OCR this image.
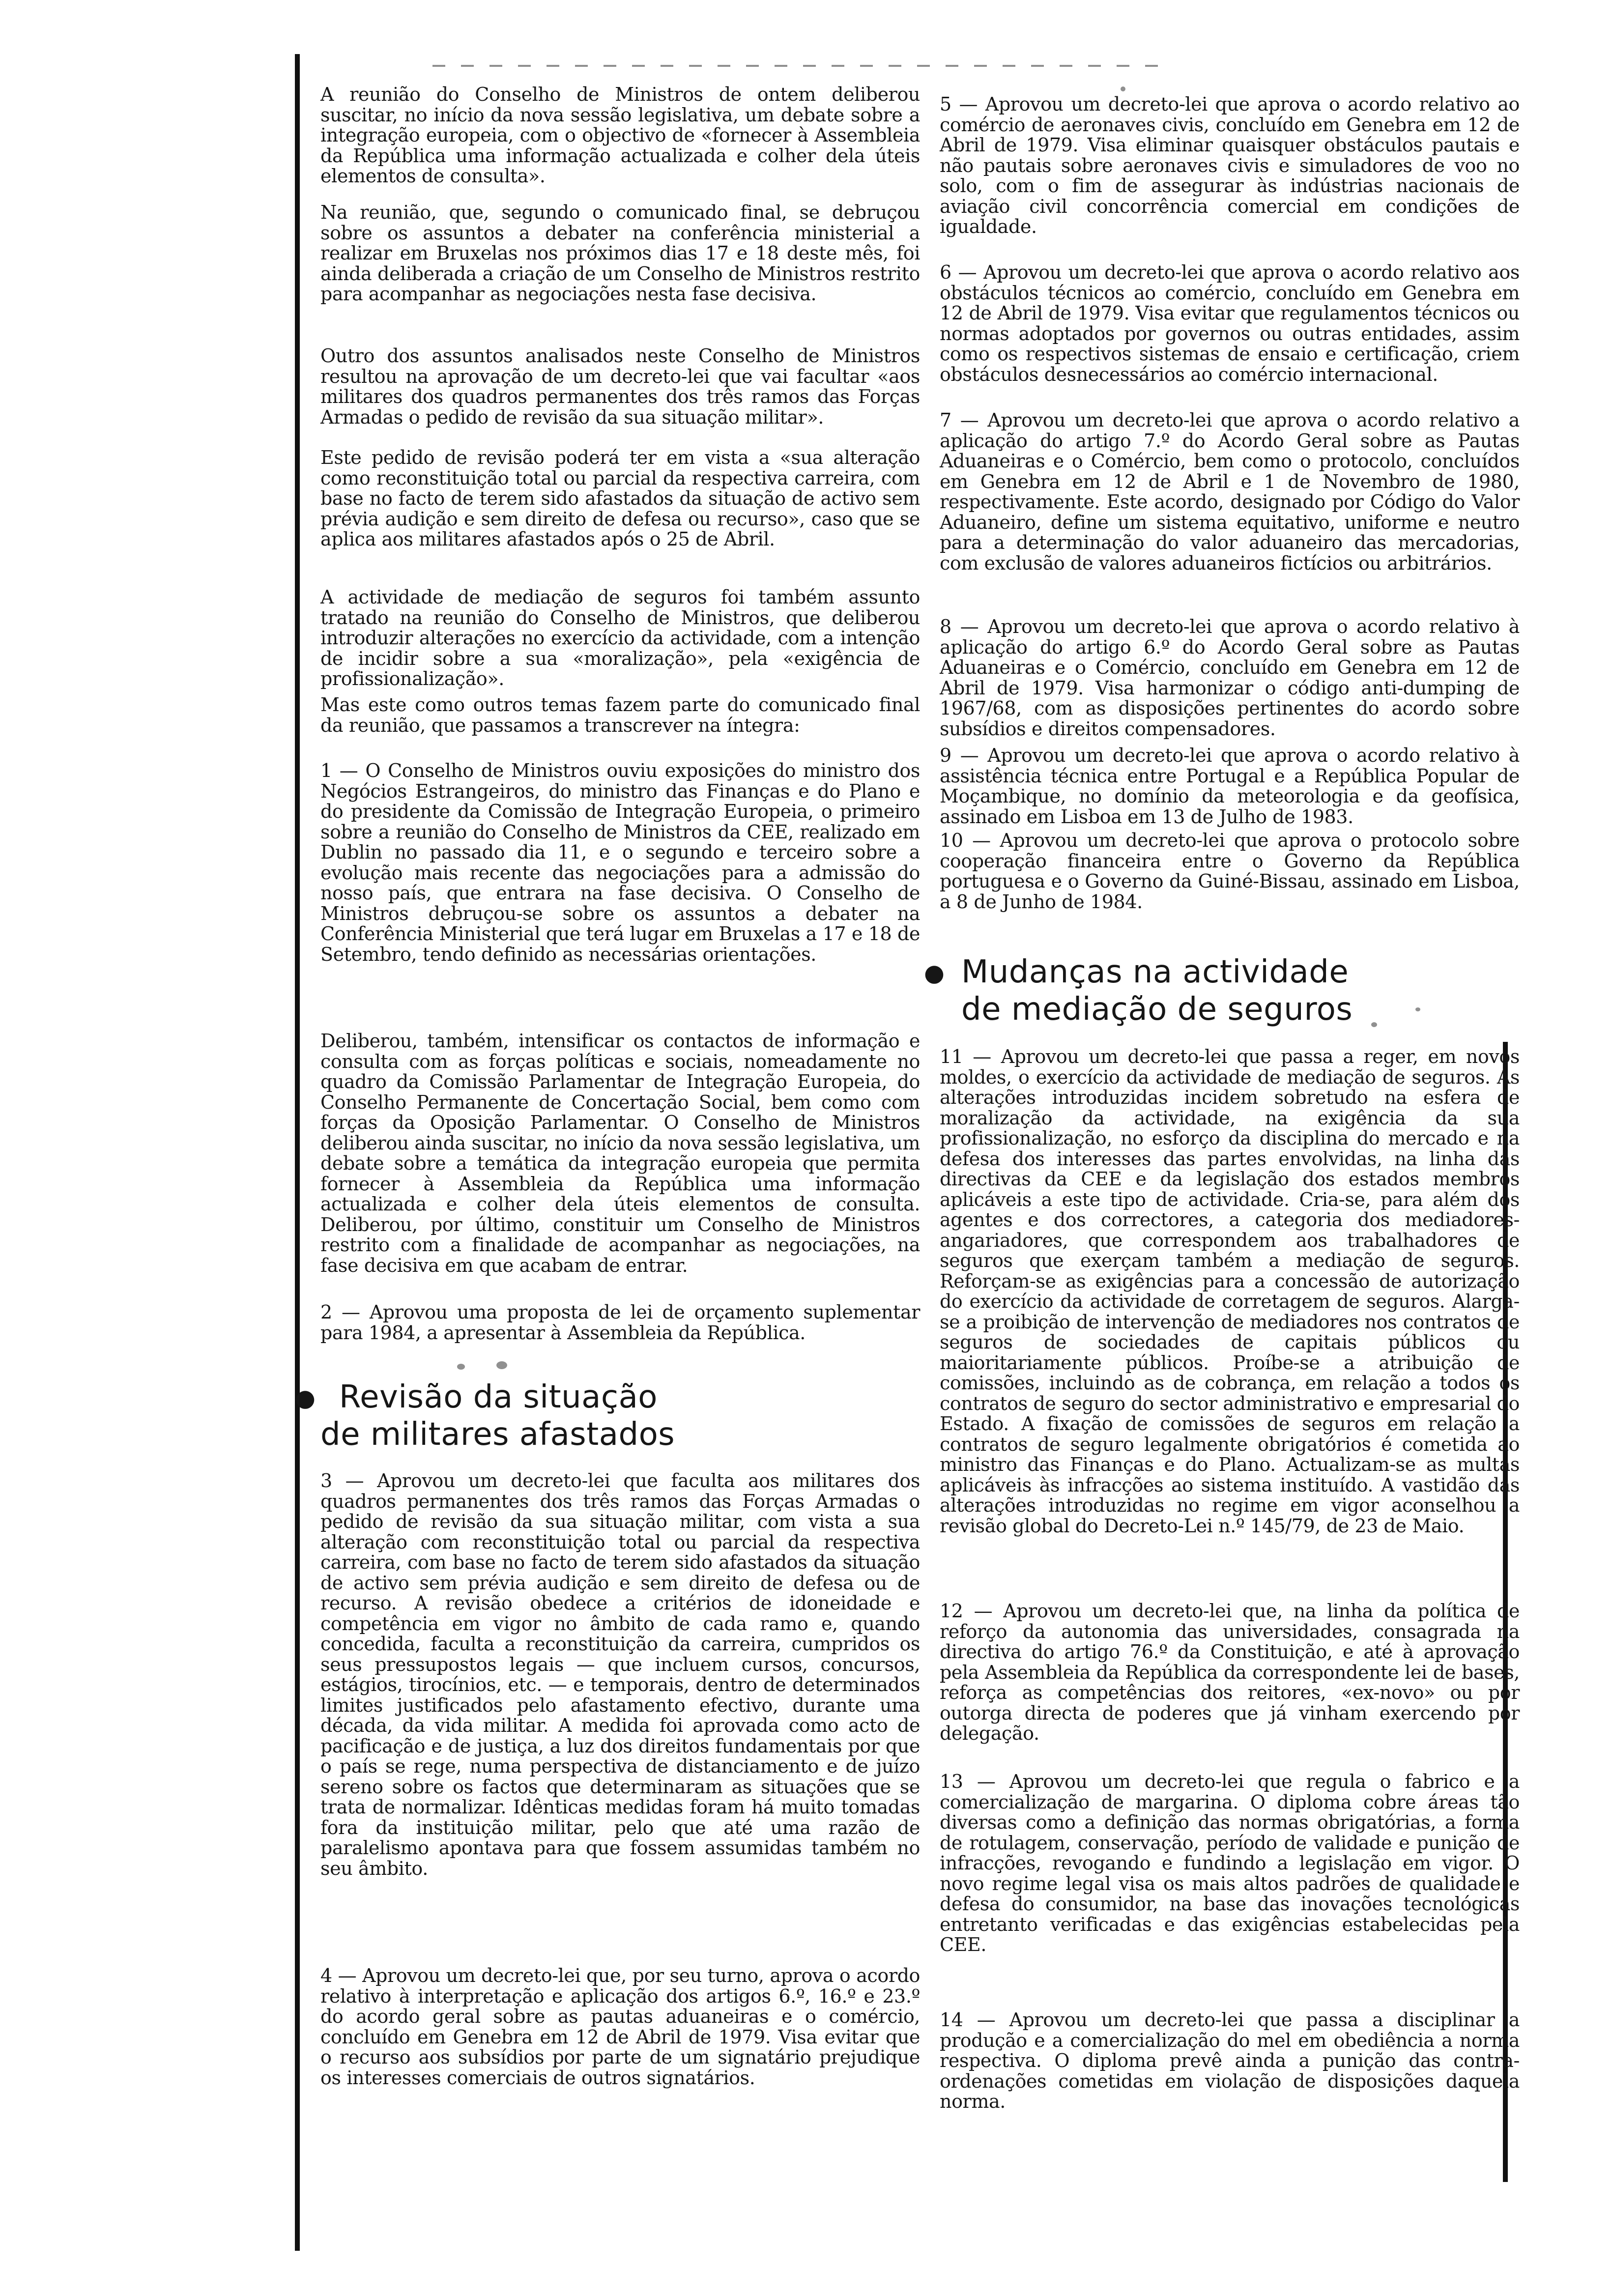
A reunião do Conselho de Ministros de ontem deliberou suscitar, no início da nova sessão legislativa, um debate sobre a integração europeia, com o objectivo de «fornecer à Assembleia da República uma informação actualizada e colher dela úteis elementos de consulta».

Na reunião, que, segundo o comunicado final, se debruçou sobre os assuntos a debater na conferência ministerial a realizar em Bruxelas nos próximos dias 17 e 18 deste mês, foi ainda deliberada a criação de um Conselho de Ministros restrito para acompanhar as negociações nesta fase decisiva.

Outro dos assuntos analisados neste Conselho de Ministros resultou na aprovação de um decreto-lei que vai facultar «aos militares dos quadros permanentes dos três ramos das Forças Armadas o pedido de revisão da sua situação militar».

Este pedido de revisão poderá ter em vista a «sua alteração como reconstituição total ou parcial da respectiva carreira, com base no facto de terem sido afastados da situação de activo sem prévia audição e sem direito de defesa ou recurso», caso que se aplica aos militares afastados após o 25 de Abril.

A actividade de mediação de seguros foi também assunto tratado na reunião do Conselho de Ministros, que deliberou introduzir alterações no exercício da actividade, com a intenção de incidir sobre a sua «moralização», pela «exigência de profissionalização».

Mas este como outros temas fazem parte do comunicado final da reunião, que passamos a transcrever na íntegra:

1 — O Conselho de Ministros ouviu exposições do ministro dos Negócios Estrangeiros, do ministro das Finanças e do Plano e do presidente da Comissão de Integração Europeia, o primeiro sobre a reunião do Conselho de Ministros da CEE, realizado em Dublin no passado dia 11, e o segundo e terceiro sobre a evolução mais recente das negociações para a admissão do nosso país, que entrara na fase decisiva. O Conselho de Ministros debruçou-se sobre os assuntos a debater na Conferência Ministerial que terá lugar em Bruxelas a 17 e 18 de Setembro, tendo definido as necessárias orientações.

Deliberou, também, intensificar os contactos de informação e consulta com as forças políticas e sociais, nomeadamente no quadro da Comissão Parlamentar de Integração Europeia, do Conselho Permanente de Concertação Social, bem como com forças da Oposição Parlamentar. O Conselho de Ministros deliberou ainda suscitar, no início da nova sessão legislativa, um debate sobre a temática da integração europeia que permita fornecer à Assembleia da República uma informação actualizada e colher dela úteis elementos de consulta. Deliberou, por último, constituir um Conselho de Ministros restrito com a finalidade de acompanhar as negociações, na fase decisiva em que acabam de entrar.

2 — Aprovou uma proposta de lei de orçamento suplementar para 1984, a apresentar à Assembleia da República.

● Revisão da situação
de militares afastados

3 — Aprovou um decreto-lei que faculta aos militares dos quadros permanentes dos três ramos das Forças Armadas o pedido de revisão da sua situação militar, com vista a sua alteração com reconstituição total ou parcial da respectiva carreira, com base no facto de terem sido afastados da situação de activo sem prévia audição e sem direito de defesa ou de recurso. A revisão obedece a critérios de idoneidade e competência em vigor no âmbito de cada ramo e, quando concedida, faculta a reconstituição da carreira, cumpridos os seus pressupostos legais — que incluem cursos, concursos, estágios, tirocínios, etc. — e temporais, dentro de determinados limites justificados pelo afastamento efectivo, durante uma década, da vida militar. A medida foi aprovada como acto de pacificação e de justiça, a luz dos direitos fundamentais por que o país se rege, numa perspectiva de distanciamento e de juízo sereno sobre os factos que determinaram as situações que se trata de normalizar. Idênticas medidas foram há muito tomadas fora da instituição militar, pelo que até uma razão de paralelismo apontava para que fossem assumidas também no seu âmbito.

4 — Aprovou um decreto-lei que, por seu turno, aprova o acordo relativo à interpretação e aplicação dos artigos 6.º, 16.º e 23.º do acordo geral sobre as pautas aduaneiras e o comércio, concluído em Genebra em 12 de Abril de 1979. Visa evitar que o recurso aos subsídios por parte de um signatário prejudique os interesses comerciais de outros signatários.

5 — Aprovou um decreto-lei que aprova o acordo relativo ao comércio de aeronaves civis, concluído em Genebra em 12 de Abril de 1979. Visa eliminar quaisquer obstáculos pautais e não pautais sobre aeronaves civis e simuladores de voo no solo, com o fim de assegurar às indústrias nacionais de aviação civil concorrência comercial em condições de igualdade.

6 — Aprovou um decreto-lei que aprova o acordo relativo aos obstáculos técnicos ao comércio, concluído em Genebra em 12 de Abril de 1979. Visa evitar que regulamentos técnicos ou normas adoptados por governos ou outras entidades, assim como os respectivos sistemas de ensaio e certificação, criem obstáculos desnecessários ao comércio internacional.

7 — Aprovou um decreto-lei que aprova o acordo relativo a aplicação do artigo 7.º do Acordo Geral sobre as Pautas Aduaneiras e o Comércio, bem como o protocolo, concluídos em Genebra em 12 de Abril e 1 de Novembro de 1980, respectivamente. Este acordo, designado por Código do Valor Aduaneiro, define um sistema equitativo, uniforme e neutro para a determinação do valor aduaneiro das mercadorias, com exclusão de valores aduaneiros fictícios ou arbitrários.

8 — Aprovou um decreto-lei que aprova o acordo relativo à aplicação do artigo 6.º do Acordo Geral sobre as Pautas Aduaneiras e o Comércio, concluído em Genebra em 12 de Abril de 1979. Visa harmonizar o código anti-dumping de 1967/68, com as disposições pertinentes do acordo sobre subsídios e direitos compensadores.

9 — Aprovou um decreto-lei que aprova o acordo relativo à assistência técnica entre Portugal e a República Popular de Moçambique, no domínio da meteorologia e da geofísica, assinado em Lisboa em 13 de Julho de 1983.

10 — Aprovou um decreto-lei que aprova o protocolo sobre cooperação financeira entre o Governo da República portuguesa e o Governo da Guiné-Bissau, assinado em Lisboa, a 8 de Junho de 1984.

● Mudanças na actividade
de mediação de seguros

11 — Aprovou um decreto-lei que passa a reger, em novos moldes, o exercício da actividade de mediação de seguros. As alterações introduzidas incidem sobretudo na esfera de moralização da actividade, na exigência da sua profissionalização, no esforço da disciplina do mercado e na defesa dos interesses das partes envolvidas, na linha das directivas da CEE e da legislação dos estados membros aplicáveis a este tipo de actividade. Cria-se, para além dos agentes e dos correctores, a categoria dos mediadores-angariadores, que correspondem aos trabalhadores de seguros que exerçam também a mediação de seguros. Reforçam-se as exigências para a concessão de autorização do exercício da actividade de corretagem de seguros. Alarga-se a proibição de intervenção de mediadores nos contratos de seguros de sociedades de capitais públicos ou maioritariamente públicos. Proíbe-se a atribuição de comissões, incluindo as de cobrança, em relação a todos os contratos de seguro do sector administrativo e empresarial do Estado. A fixação de comissões de seguros em relação a contratos de seguro legalmente obrigatórios é cometida ao ministro das Finanças e do Plano. Actualizam-se as multas aplicáveis às infracções ao sistema instituído. A vastidão das alterações introduzidas no regime em vigor aconselhou a revisão global do Decreto-Lei n.º 145/79, de 23 de Maio.

12 — Aprovou um decreto-lei que, na linha da política de reforço da autonomia das universidades, consagrada na directiva do artigo 76.º da Constituição, e até à aprovação pela Assembleia da República da correspondente lei de bases, reforça as competências dos reitores, «ex-novo» ou por outorga directa de poderes que já vinham exercendo por delegação.

13 — Aprovou um decreto-lei que regula o fabrico e a comercialização de margarina. O diploma cobre áreas tão diversas como a definição das normas obrigatórias, a forma de rotulagem, conservação, período de validade e punição de infracções, revogando e fundindo a legislação em vigor. O novo regime legal visa os mais altos padrões de qualidade e defesa do consumidor, na base das inovações tecnológicas entretanto verificadas e das exigências estabelecidas pela CEE.

14 — Aprovou um decreto-lei que passa a disciplinar a produção e a comercialização do mel em obediência a norma respectiva. O diploma prevê ainda a punição das contra-ordenações cometidas em violação de disposições daquela norma.
